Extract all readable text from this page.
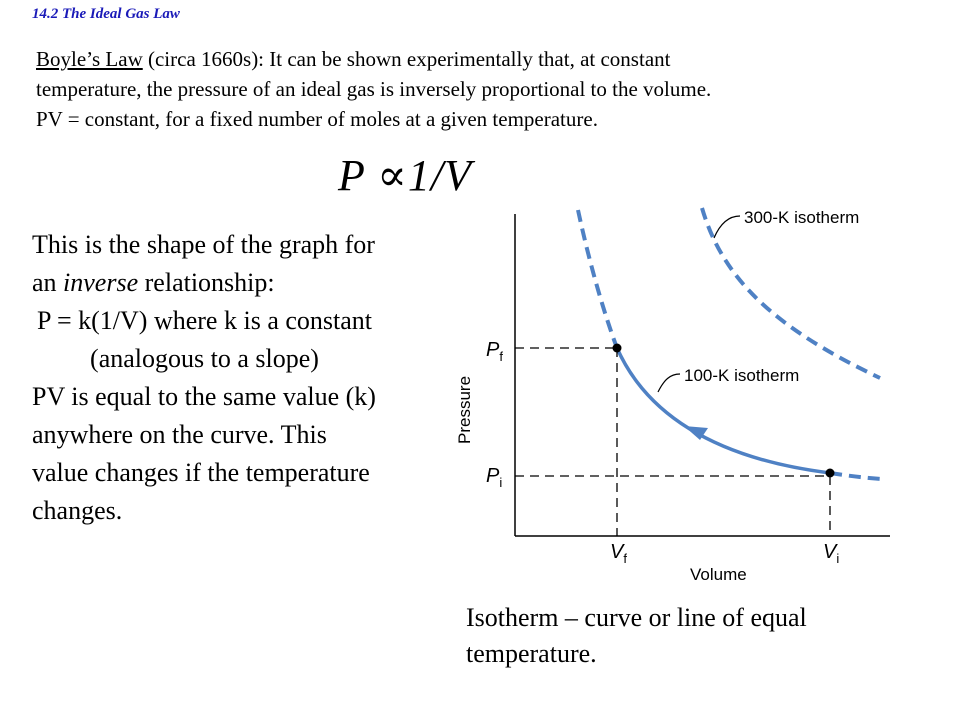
14.2 The Ideal Gas Law
Boyle’s Law (circa 1660s): It can be shown experimentally that, at constant
temperature, the pressure of an ideal gas is inversely proportional to the volume.
PV = constant, for a fixed number of moles at a given temperature.
P ∝1/V
This is the shape of the graph for an inverse relationship:
P = k(1/V) where k is a constant (analogous to a slope)
PV is equal to the same value (k) anywhere on the curve. This value changes if the temperature changes.
300-K isotherm
100-K isotherm
Pressure
Volume
$P_f$
$P_i$
$V_f$	$V_i$
Isotherm – curve or line of equal temperature.
